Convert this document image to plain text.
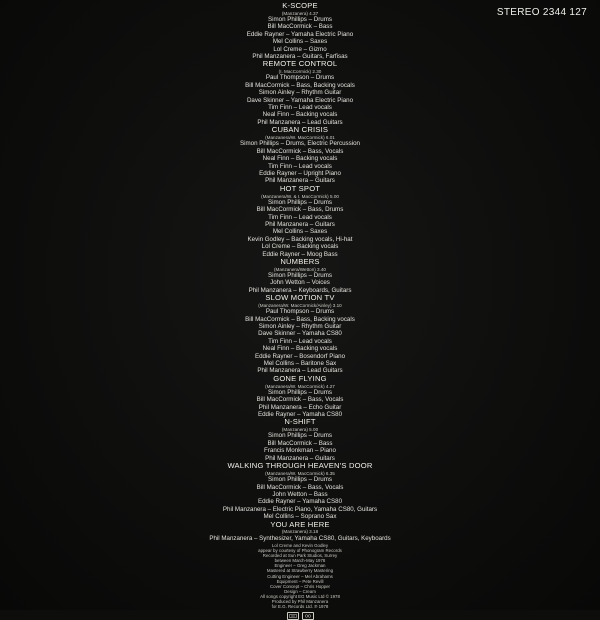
STEREO 2344 127
K-SCOPE
(Manzanera) 4.37
Simon Phillips – Drums
Bill MacCormick – Bass
Eddie Rayner – Yamaha Electric Piano
Mel Collins – Saxes
Lol Creme – Gizmo
Phil Manzanera – Guitars, Farfisas
REMOTE CONTROL
(I. MacCormick) 2.30
Paul Thompson – Drums
Bill MacCormick – Bass, Backing vocals
Simon Ainley – Rhythm Guitar
Dave Skinner – Yamaha Electric Piano
Tim Finn – Lead vocals
Neal Finn – Backing vocals
Phil Manzanera – Lead Guitars
CUBAN CRISIS
(Manzanera/W. MacCormick) 6.01
Simon Phillips – Drums, Electric Percussion
Bill MacCormick – Bass, Vocals
Neal Finn – Backing vocals
Tim Finn – Lead vocals
Eddie Rayner – Upright Piano
Phil Manzanera – Guitars
HOT SPOT
(Manzanera/W. & I. MacCormick) 5.00
Simon Phillips – Drums
Bill MacCormick – Bass, Drums
Tim Finn – Lead vocals
Phil Manzanera – Guitars
Mel Collins – Saxes
Kevin Godley – Backing vocals, Hi-hat
Lol Creme – Backing vocals
Eddie Rayner – Moog Bass
NUMBERS
(Manzanera/Wetton) 3.40
Simon Phillips – Drums
John Wetton – Voices
Phil Manzanera – Keyboards, Guitars
SLOW MOTION TV
(Manzanera/W. MacCormick/Ainley) 3.10
Paul Thompson – Drums
Bill MacCormick – Bass, Backing vocals
Simon Ainley – Rhythm Guitar
Dave Skinner – Yamaha CS80
Tim Finn – Lead vocals
Neal Finn – Backing vocals
Eddie Rayner – Bosendorf Piano
Mel Collins – Baritone Sax
Phil Manzanera – Lead Guitars
GONE FLYING
(Manzanera/W. MacCormick) 4.27
Simon Phillips – Drums
Bill MacCormick – Bass, Vocals
Phil Manzanera – Echo Guitar
Eddie Rayner – Yamaha CS80
N-SHIFT
(Manzanera) 5.00
Simon Phillips – Drums
Bill MacCormick – Bass
Francis Monkman – Piano
Phil Manzanera – Guitars
WALKING THROUGH HEAVEN'S DOOR
(Manzanera/W. MacCormick) 6.35
Simon Phillips – Drums
Bill MacCormick – Bass, Vocals
John Wetton – Bass
Eddie Rayner – Yamaha CS80
Phil Manzanera – Electric Piano, Yamaha CS80, Guitars
Mel Collins – Soprano Sax
YOU ARE HERE
(Manzanera) 3.18
Phil Manzanera – Synthesizer, Yamaha CS80, Guitars, Keyboards
Lol Creme and Kevin Godley
appear by courtesy of Phonogram Records
Recorded at Sun Park Studios, Surrey
between March-May 1978
Engineer – Greg Jackman
Mastered at Strawberry Mastering
Cutting Engineer – Mel Abrahams
Equipment – Pete Revill
Cover Concept – Chris Hopper
Design – Cream
All songs copyright EG Music Ltd © 1978
Produced by Phil Manzanera
for E.G. Records Ltd. ℗ 1978
